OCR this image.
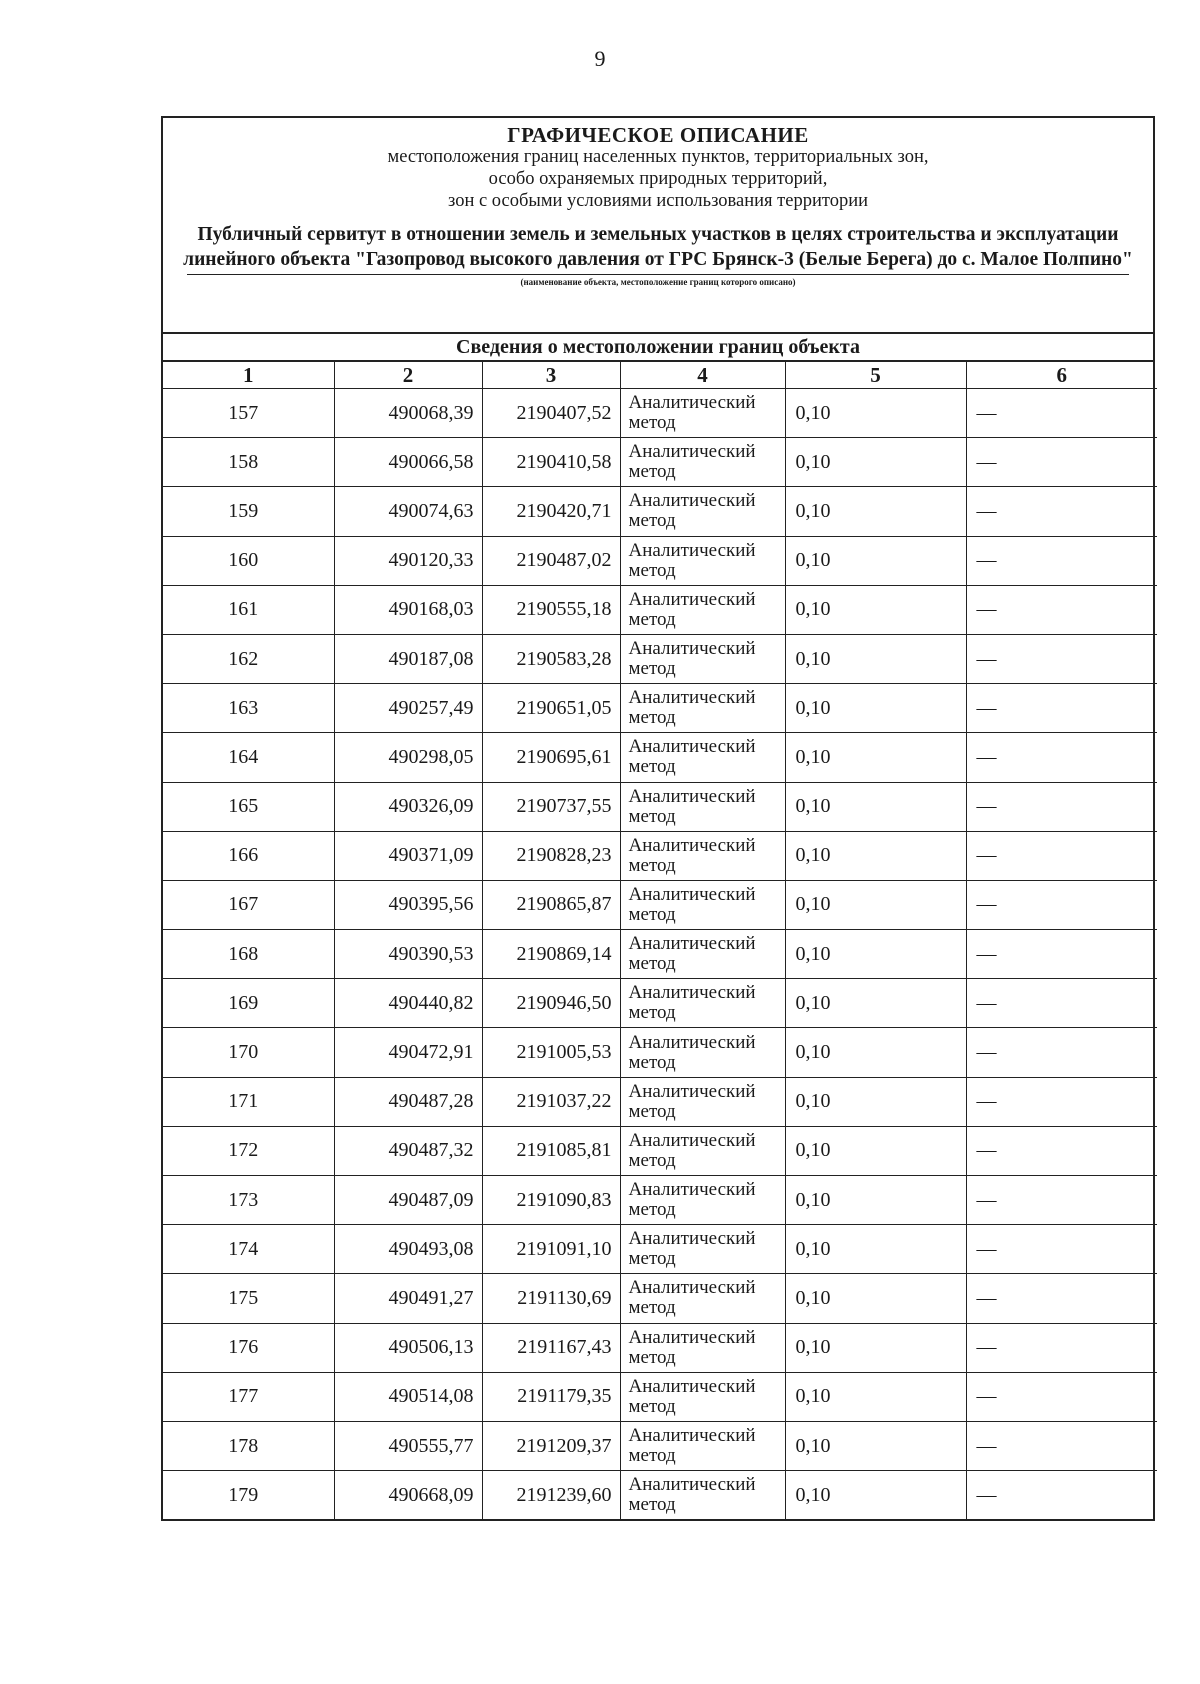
9
ГРАФИЧЕСКОЕ ОПИСАНИЕ
местоположения границ населенных пунктов, территориальных зон,
особо охраняемых природных территорий,
зон с особыми условиями использования территории
Публичный сервитут в отношении земель и земельных участков в целях строительства и эксплуатации линейного объекта "Газопровод высокого давления от ГРС Брянск-3 (Белые Берега) до с. Малое Полпино"
(наименование объекта, местоположение границ которого описано)
Сведения о местоположении границ объекта
1	2	3	4	5	6
157	490068,39	2190407,52	Аналитический метод	0,10	—
158	490066,58	2190410,58	Аналитический метод	0,10	—
159	490074,63	2190420,71	Аналитический метод	0,10	—
160	490120,33	2190487,02	Аналитический метод	0,10	—
161	490168,03	2190555,18	Аналитический метод	0,10	—
162	490187,08	2190583,28	Аналитический метод	0,10	—
163	490257,49	2190651,05	Аналитический метод	0,10	—
164	490298,05	2190695,61	Аналитический метод	0,10	—
165	490326,09	2190737,55	Аналитический метод	0,10	—
166	490371,09	2190828,23	Аналитический метод	0,10	—
167	490395,56	2190865,87	Аналитический метод	0,10	—
168	490390,53	2190869,14	Аналитический метод	0,10	—
169	490440,82	2190946,50	Аналитический метод	0,10	—
170	490472,91	2191005,53	Аналитический метод	0,10	—
171	490487,28	2191037,22	Аналитический метод	0,10	—
172	490487,32	2191085,81	Аналитический метод	0,10	—
173	490487,09	2191090,83	Аналитический метод	0,10	—
174	490493,08	2191091,10	Аналитический метод	0,10	—
175	490491,27	2191130,69	Аналитический метод	0,10	—
176	490506,13	2191167,43	Аналитический метод	0,10	—
177	490514,08	2191179,35	Аналитический метод	0,10	—
178	490555,77	2191209,37	Аналитический метод	0,10	—
179	490668,09	2191239,60	Аналитический метод	0,10	—
